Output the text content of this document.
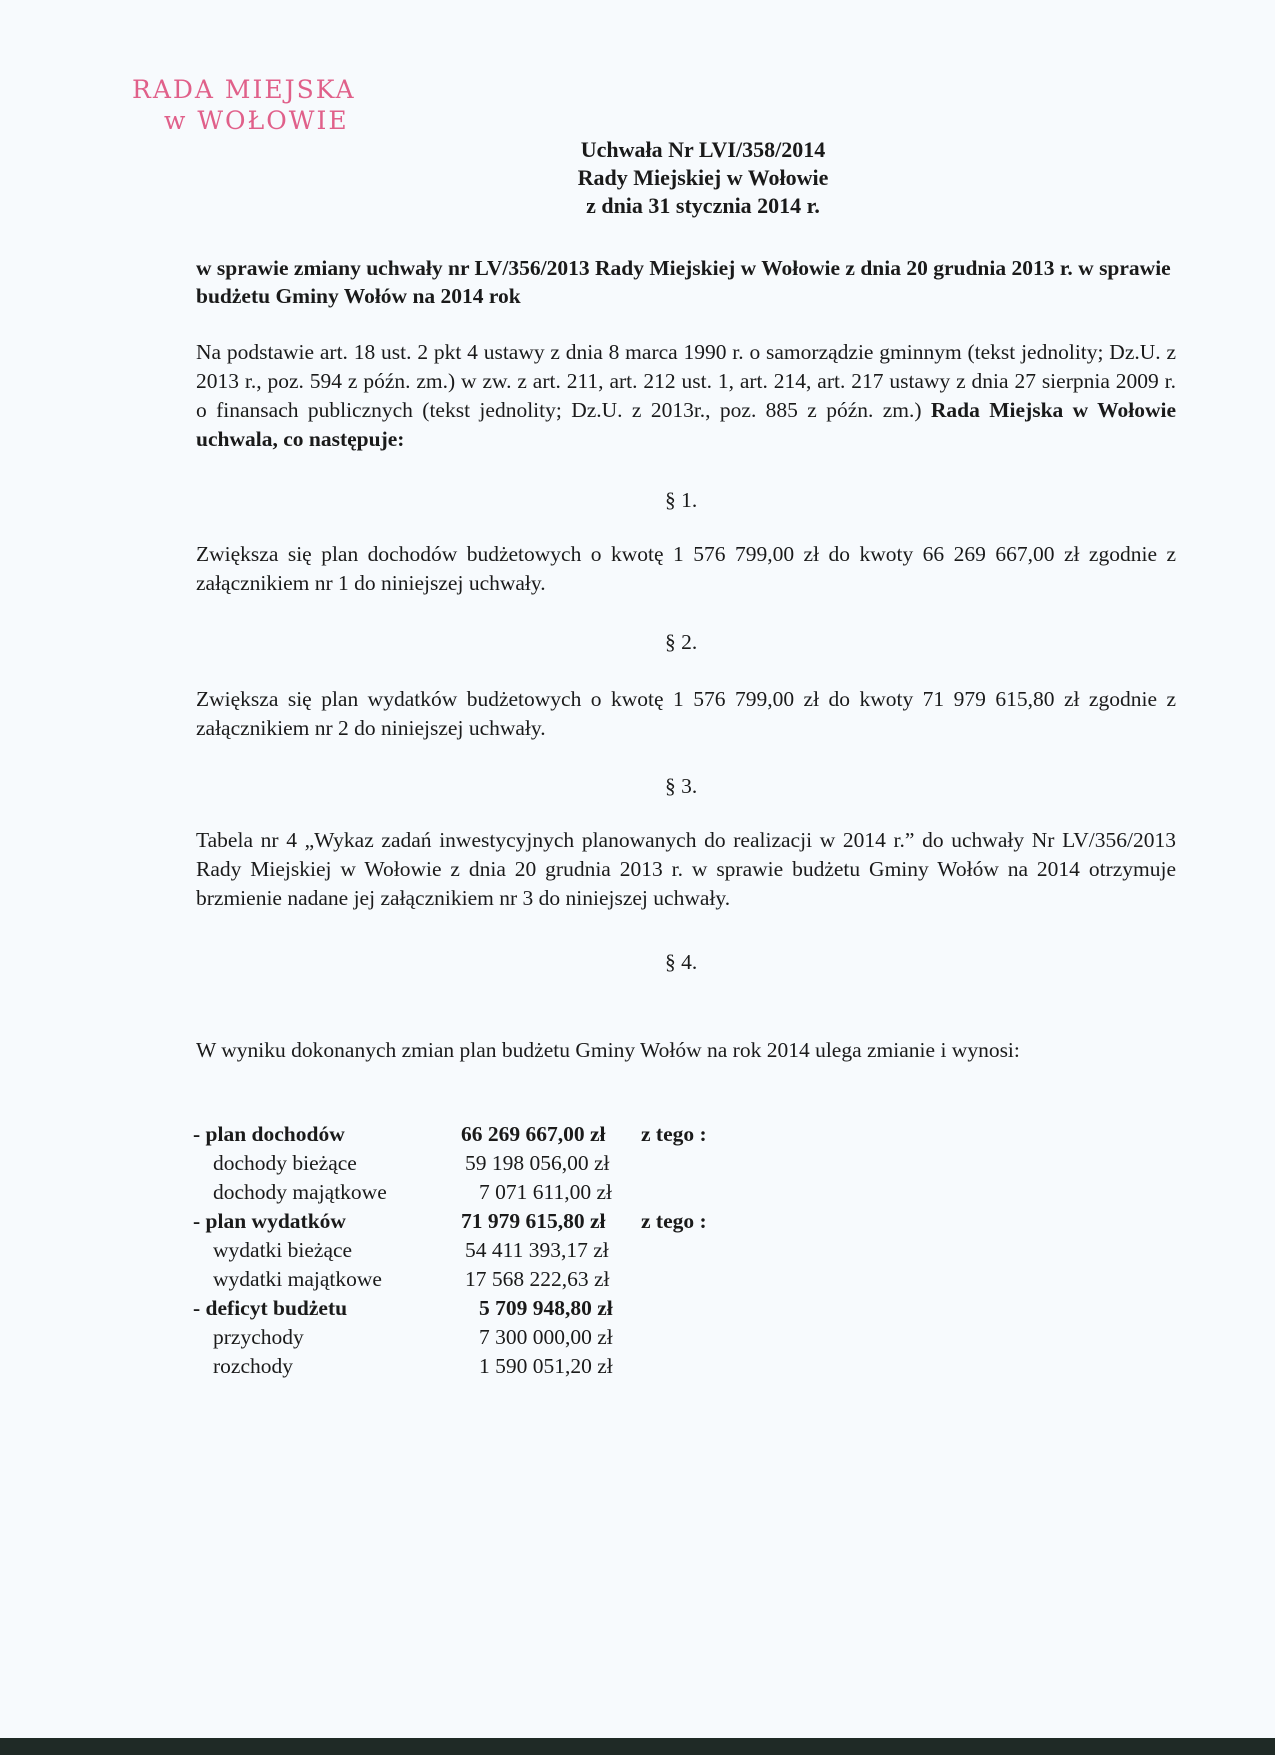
RADA MIEJSKA
w WOŁOWIE
Uchwała Nr LVI/358/2014
Rady Miejskiej w Wołowie
z dnia 31 stycznia 2014 r.
w sprawie zmiany uchwały nr LV/356/2013 Rady Miejskiej w Wołowie z dnia 20 grudnia 2013 r. w sprawie budżetu Gminy Wołów na 2014 rok
Na podstawie art. 18 ust. 2 pkt 4 ustawy z dnia 8 marca 1990 r. o samorządzie gminnym (tekst jednolity; Dz.U. z 2013 r., poz. 594 z późn. zm.) w zw. z art. 211, art. 212 ust. 1, art. 214, art. 217 ustawy z dnia 27 sierpnia 2009 r. o finansach publicznych (tekst jednolity; Dz.U. z 2013r., poz. 885 z późn. zm.) Rada Miejska w Wołowie uchwala, co następuje:
§ 1.
Zwiększa się plan dochodów budżetowych o kwotę 1 576 799,00 zł do kwoty 66 269 667,00 zł zgodnie z załącznikiem nr 1 do niniejszej uchwały.
§ 2.
Zwiększa się plan wydatków budżetowych o kwotę 1 576 799,00 zł do kwoty 71 979 615,80 zł zgodnie z załącznikiem nr 2 do niniejszej uchwały.
§ 3.
Tabela nr 4 „Wykaz zadań inwestycyjnych planowanych do realizacji w 2014 r.” do uchwały Nr LV/356/2013 Rady Miejskiej w Wołowie z dnia 20 grudnia 2013 r. w sprawie budżetu Gminy Wołów na 2014 otrzymuje brzmienie nadane jej załącznikiem nr 3 do niniejszej uchwały.
§ 4.
W wyniku dokonanych zmian plan budżetu Gminy Wołów na rok 2014 ulega zmianie i wynosi:
- plan dochodów	66 269 667,00 zł z tego :
dochody bieżące	59 198 056,00 zł
dochody majątkowe	7 071 611,00 zł
- plan wydatków	71 979 615,80 zł z tego :
wydatki bieżące	54 411 393,17 zł
wydatki majątkowe	17 568 222,63 zł
- deficyt budżetu	5 709 948,80 zł
przychody	7 300 000,00 zł
rozchody	1 590 051,20 zł
